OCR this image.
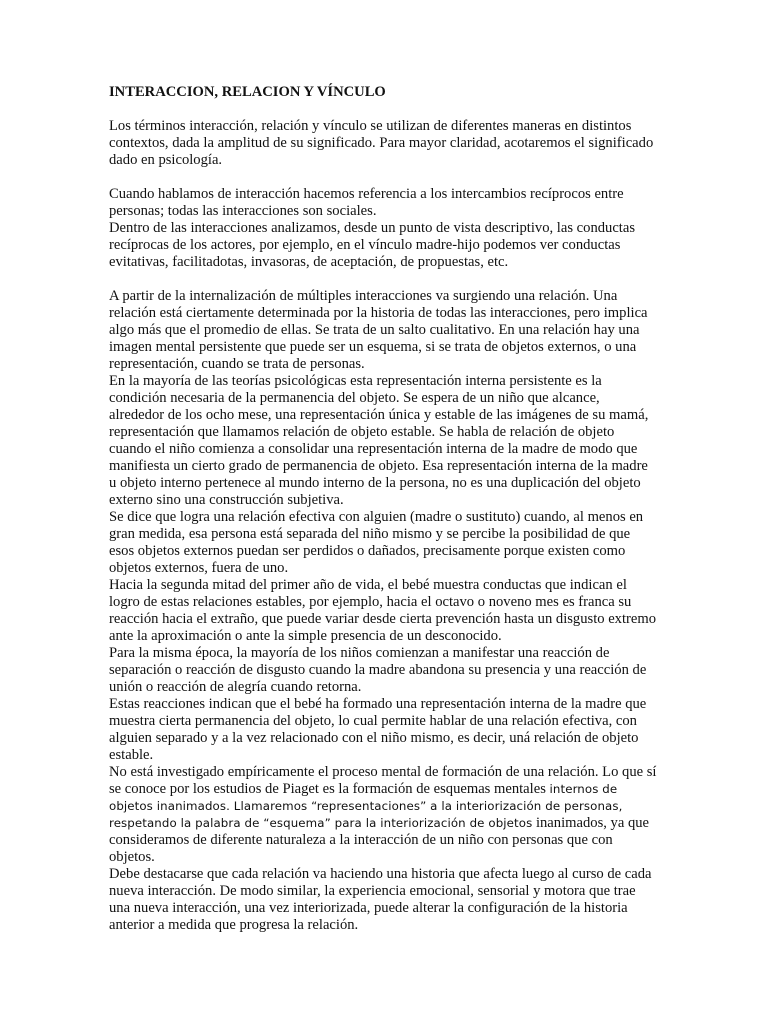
INTERACCION, RELACION Y VÍNCULO

Los términos interacción, relación y vínculo se utilizan de diferentes maneras en distintos contextos, dada la amplitud de su significado. Para mayor claridad, acotaremos el significado dado en psicología.

Cuando hablamos de interacción hacemos referencia a los intercambios recíprocos entre personas; todas las interacciones son sociales.

Dentro de las interacciones analizamos, desde un punto de vista descriptivo, las conductas recíprocas de los actores, por ejemplo, en el vínculo madre-hijo podemos ver conductas evitativas, facilitadotas, invasoras, de aceptación, de propuestas, etc.

A partir de la internalización de múltiples interacciones va surgiendo una relación. Una relación está ciertamente determinada por la historia de todas las interacciones, pero implica algo más que el promedio de ellas. Se trata de un salto cualitativo. En una relación hay una imagen mental persistente que puede ser un esquema, si se trata de objetos externos, o una representación, cuando se trata de personas.

En la mayoría de las teorías psicológicas esta representación interna persistente es la condición necesaria de la permanencia del objeto. Se espera de un niño que alcance, alrededor de los ocho mese, una representación única y estable de las imágenes de su mamá, representación que llamamos relación de objeto estable. Se habla de relación de objeto cuando el niño comienza a consolidar una representación interna de la madre de modo que manifiesta un cierto grado de permanencia de objeto. Esa representación interna de la madre u objeto interno pertenece al mundo interno de la persona, no es una duplicación del objeto externo sino una construcción subjetiva.

Se dice que logra una relación efectiva con alguien (madre o sustituto) cuando, al menos en gran medida, esa persona está separada del niño mismo y se percibe la posibilidad de que esos objetos externos puedan ser perdidos o dañados, precisamente porque existen como objetos externos, fuera de uno.

Hacia la segunda mitad del primer año de vida, el bebé muestra conductas que indican el logro de estas relaciones estables, por ejemplo, hacia el octavo o noveno mes es franca su reacción hacia el extraño, que puede variar desde cierta prevención hasta un disgusto extremo ante la aproximación o ante la simple presencia de un desconocido.

Para la misma época, la mayoría de los niños comienzan a manifestar una reacción de separación o reacción de disgusto cuando la madre abandona su presencia y una reacción de unión o reacción de alegría cuando retorna.

Estas reacciones indican que el bebé ha formado una representación interna de la madre que muestra cierta permanencia del objeto, lo cual permite hablar de una relación efectiva, con alguien separado y a la vez relacionado con el niño mismo, es decir, uná relación de objeto estable.

No está investigado empíricamente el proceso mental de formación de una relación. Lo que sí se conoce por los estudios de Piaget es la formación de esquemas mentales internos de objetos inanimados. Llamaremos “representaciones” a la interiorización de personas, respetando la palabra de “esquema” para la interiorización de objetos inanimados, ya que consideramos de diferente naturaleza a la interacción de un niño con personas que con objetos.

Debe destacarse que cada relación va haciendo una historia que afecta luego al curso de cada nueva interacción. De modo similar, la experiencia emocional, sensorial y motora que trae una nueva interacción, una vez interiorizada, puede alterar la configuración de la historia anterior a medida que progresa la relación.
